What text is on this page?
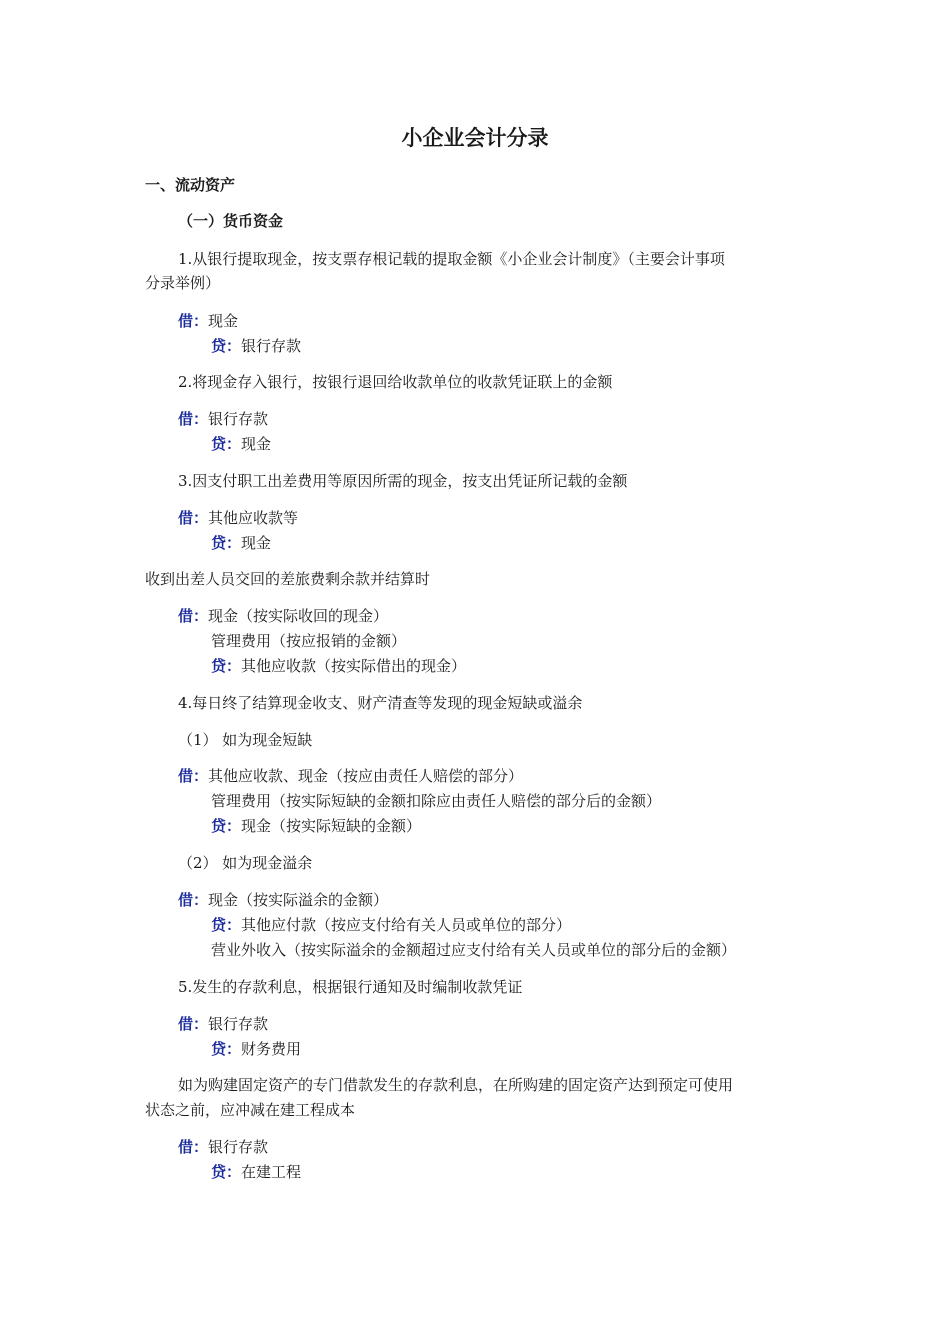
小企业会计分录
一、流动资产
（一）货币资金
1.从银行提取现金，按支票存根记载的提取金额《小企业会计制度》（主要会计事项
分录举例）
借：现金
贷：银行存款
2.将现金存入银行，按银行退回给收款单位的收款凭证联上的金额
借：银行存款
贷：现金
3.因支付职工出差费用等原因所需的现金，按支出凭证所记载的金额
借：其他应收款等
贷：现金
收到出差人员交回的差旅费剩余款并结算时
借：现金（按实际收回的现金）
管理费用（按应报销的金额）
贷：其他应收款（按实际借出的现金）
4.每日终了结算现金收支、财产清查等发现的现金短缺或溢余
（1） 如为现金短缺
借：其他应收款、现金（按应由责任人赔偿的部分）
管理费用（按实际短缺的金额扣除应由责任人赔偿的部分后的金额）
贷：现金（按实际短缺的金额）
（2） 如为现金溢余
借：现金（按实际溢余的金额）
贷：其他应付款（按应支付给有关人员或单位的部分）
营业外收入（按实际溢余的金额超过应支付给有关人员或单位的部分后的金额）
5.发生的存款利息，根据银行通知及时编制收款凭证
借：银行存款
贷：财务费用
如为购建固定资产的专门借款发生的存款利息，在所购建的固定资产达到预定可使用
状态之前，应冲减在建工程成本
借：银行存款
贷：在建工程
